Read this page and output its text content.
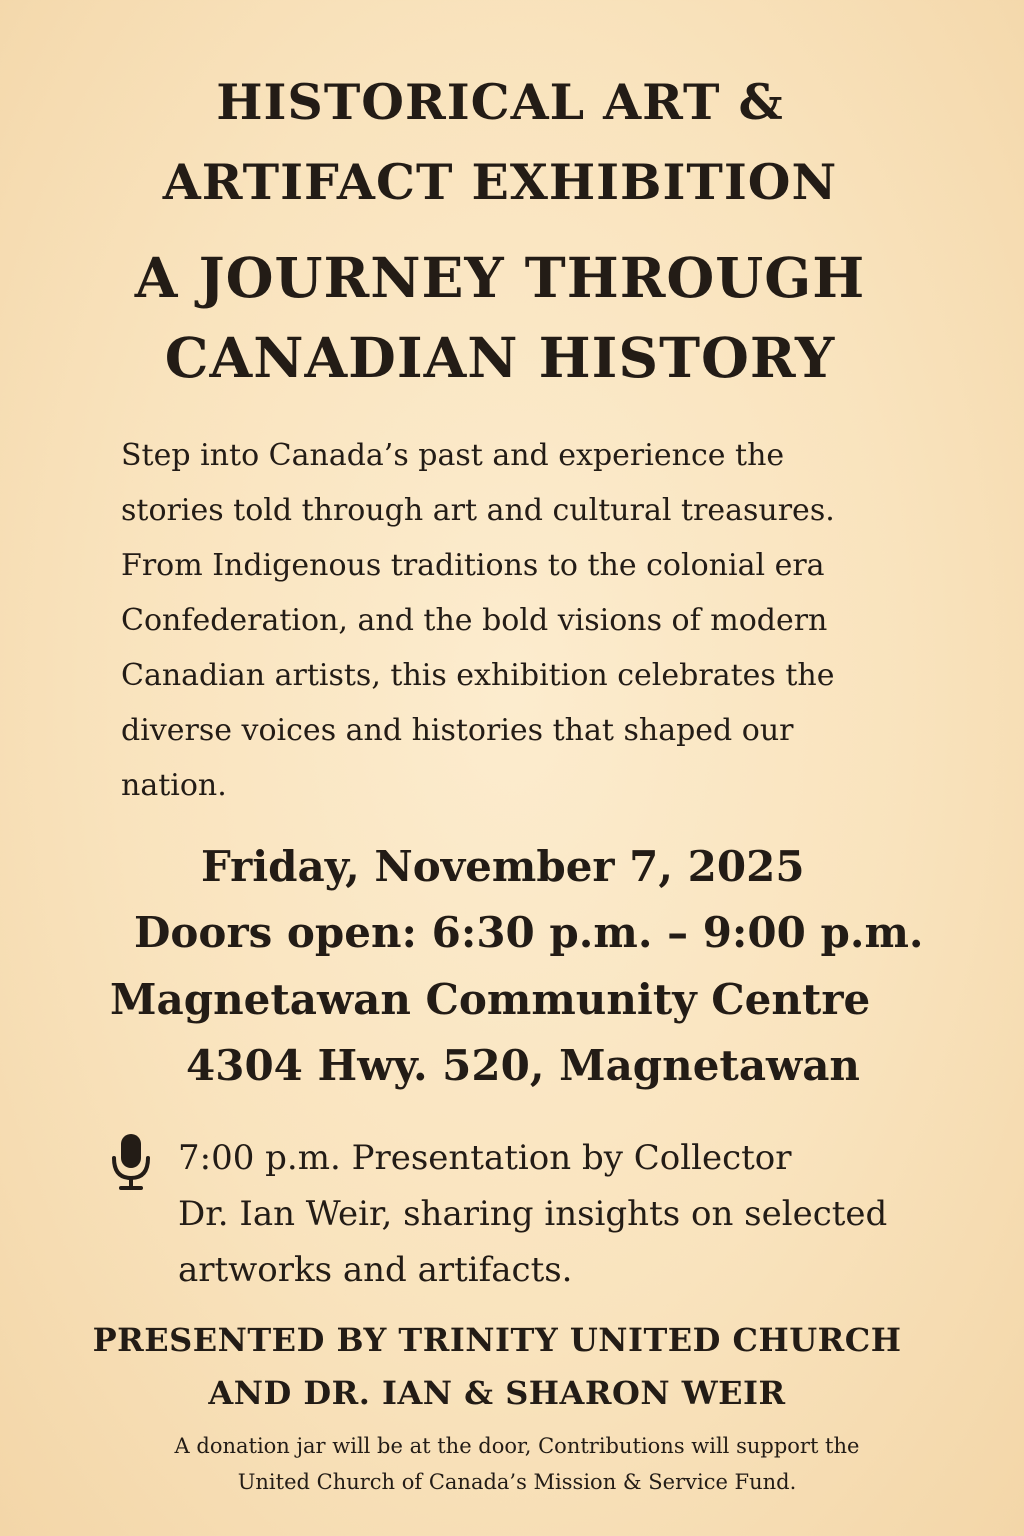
HISTORICAL ART &
ARTIFACT EXHIBITION
A JOURNEY THROUGH
CANADIAN HISTORY

Step into Canada’s past and experience the
stories told through art and cultural treasures.
From Indigenous traditions to the colonial era
Confederation, and the bold visions of modern
Canadian artists, this exhibition celebrates the
diverse voices and histories that shaped our
nation.

Friday, November 7, 2025
Doors open: 6:30 p.m. – 9:00 p.m.
Magnetawan Community Centre
4304 Hwy. 520, Magnetawan
7:00 p.m. Presentation by Collector
Dr. Ian Weir, sharing insights on selected
artworks and artifacts.
PRESENTED BY TRINITY UNITED CHURCH
AND DR. IAN & SHARON WEIR
A donation jar will be at the door, Contributions will support the
United Church of Canada’s Mission & Service Fund.
